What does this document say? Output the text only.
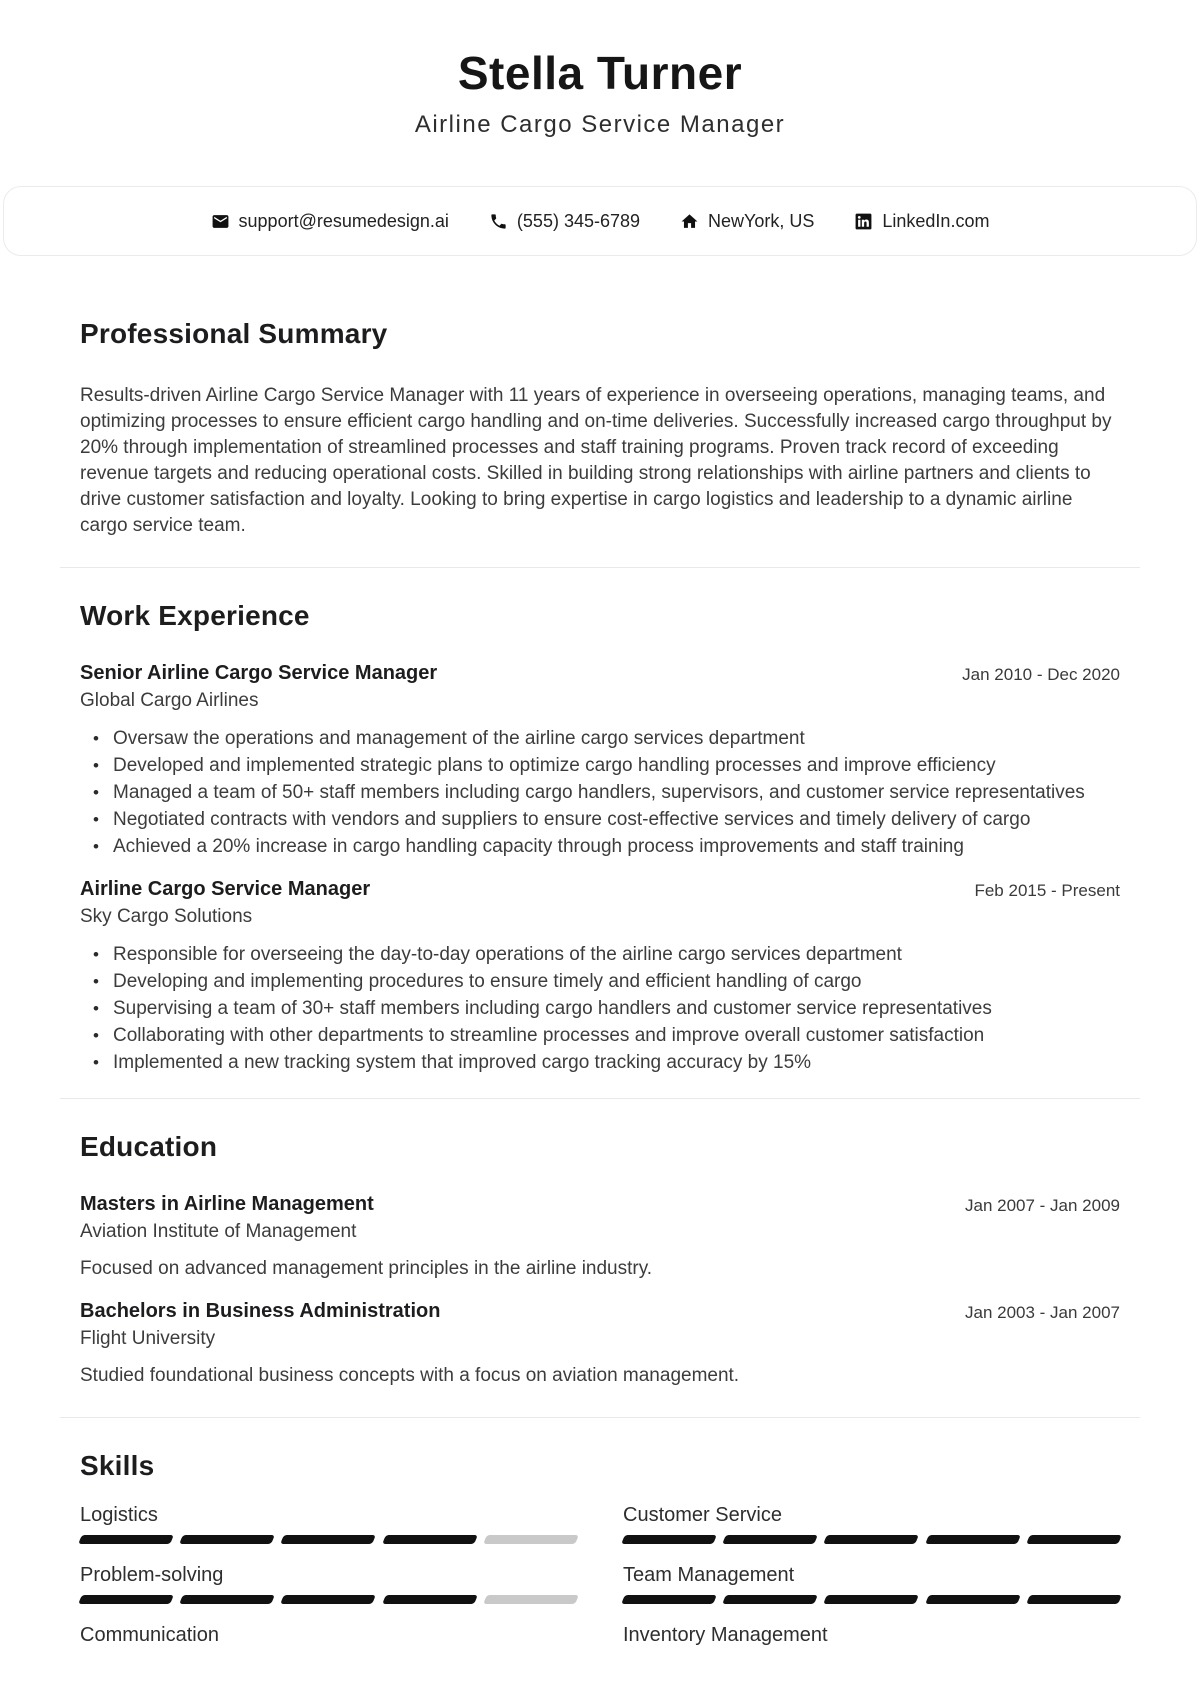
Stella Turner
Airline Cargo Service Manager
support@resumedesign.ai	(555) 345-6789	NewYork, US	LinkedIn.com
Professional Summary

Results-driven Airline Cargo Service Manager with 11 years of experience in overseeing operations, managing teams, and optimizing processes to ensure efficient cargo handling and on-time deliveries. Successfully increased cargo throughput by 20% through implementation of streamlined processes and staff training programs. Proven track record of exceeding revenue targets and reducing operational costs. Skilled in building strong relationships with airline partners and clients to drive customer satisfaction and loyalty. Looking to bring expertise in cargo logistics and leadership to a dynamic airline cargo service team.

Work Experience
Senior Airline Cargo Service Manager	Jan 2010 - Dec 2020
Global Cargo Airlines
• Oversaw the operations and management of the airline cargo services department
• Developed and implemented strategic plans to optimize cargo handling processes and improve efficiency
• Managed a team of 50+ staff members including cargo handlers, supervisors, and customer service representatives
• Negotiated contracts with vendors and suppliers to ensure cost-effective services and timely delivery of cargo
• Achieved a 20% increase in cargo handling capacity through process improvements and staff training
Airline Cargo Service Manager	Feb 2015 - Present
Sky Cargo Solutions
• Responsible for overseeing the day-to-day operations of the airline cargo services department
• Developing and implementing procedures to ensure timely and efficient handling of cargo
• Supervising a team of 30+ staff members including cargo handlers and customer service representatives
• Collaborating with other departments to streamline processes and improve overall customer satisfaction
• Implemented a new tracking system that improved cargo tracking accuracy by 15%
Education
Masters in Airline Management	Jan 2007 - Jan 2009
Aviation Institute of Management
Focused on advanced management principles in the airline industry.
Bachelors in Business Administration	Jan 2003 - Jan 2007
Flight University
Studied foundational business concepts with a focus on aviation management.
Skills
Logistics	Customer Service
Problem-solving	Team Management
Communication	Inventory Management
